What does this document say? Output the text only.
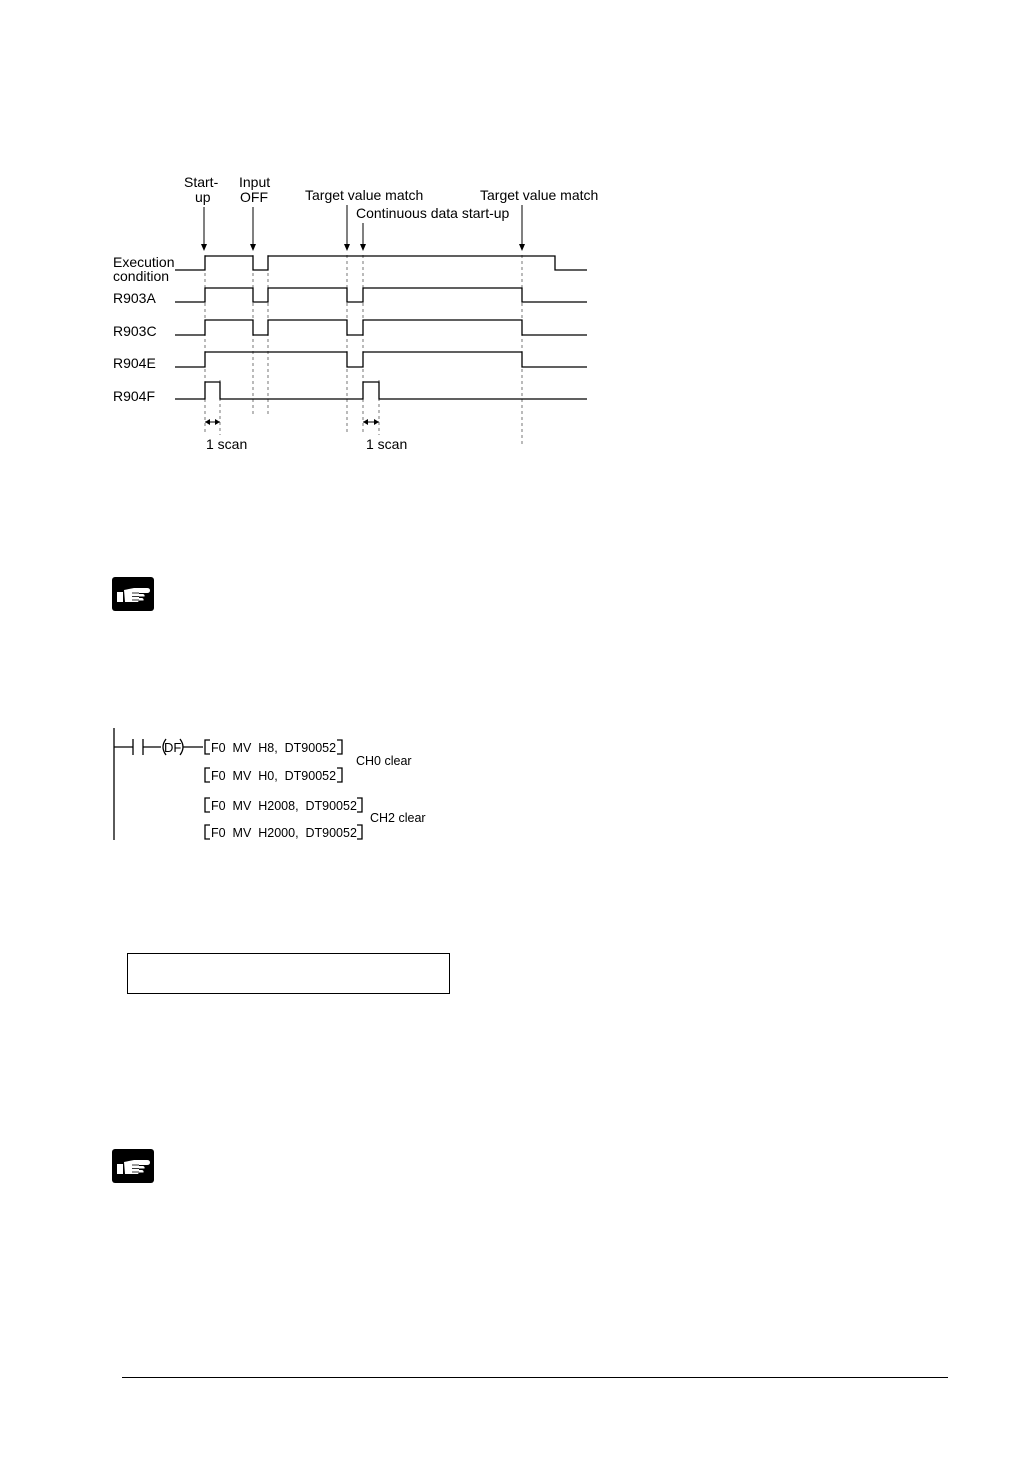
Start-
up
Input
OFF	Target value match
Continuous data start-up
Target value match
Execution
condition
R903A
R903C
R904E
R904F
1 scan	1 scan
DF F0  MV  H8,  DT90052
F0  MV  H0,  DT90052
F0  MV  H2008,  DT90052
F0  MV  H2000,  DT90052
CH0 clear
CH2 clear
